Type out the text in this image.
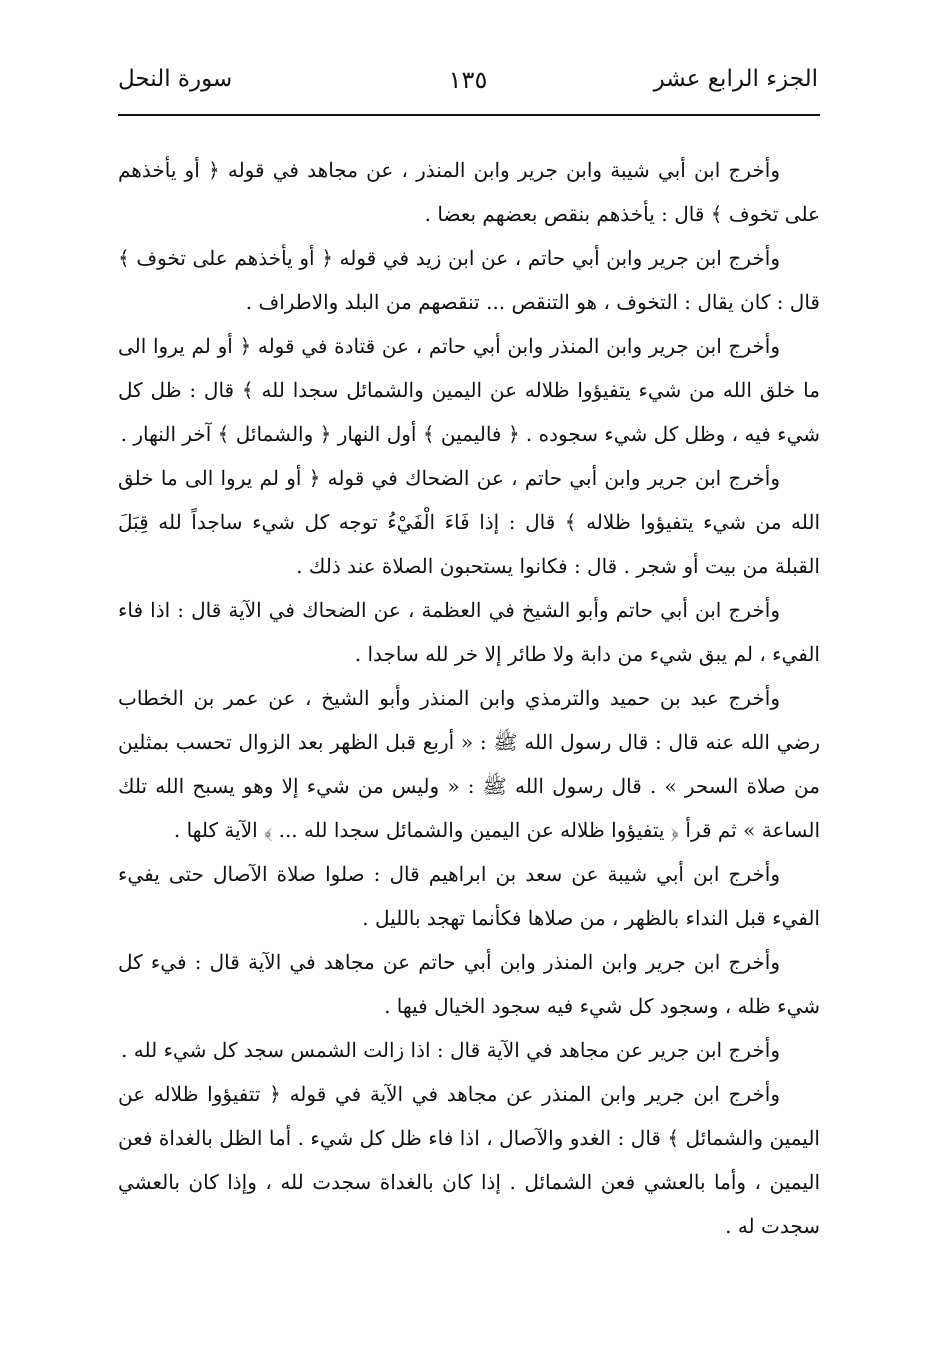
الجزء الرابع عشر
١٣٥
سورة النحل

وأخرج ابن أبي شيبة وابن جرير وابن المنذر ، عن مجاهد في قوله ﴿ أو يأخذهم على تخوف ﴾ قال : يأخذهم بنقص بعضهم بعضا .

وأخرج ابن جرير وابن أبي حاتم ، عن ابن زيد في قوله ﴿ أو يأخذهم على تخوف ﴾ قال : كان يقال : التخوف ، هو التنقص ... تنقصهم من البلد والاطراف .

وأخرج ابن جرير وابن المنذر وابن أبي حاتم ، عن قتادة في قوله ﴿ أو لم يروا الى ما خلق الله من شيء يتفيؤوا ظلاله عن اليمين والشمائل سجدا لله ﴾ قال : ظل كل شيء فيه ، وظل كل شيء سجوده . ﴿ فاليمين ﴾ أول النهار ﴿ والشمائل ﴾ آخر النهار .

وأخرج ابن جرير وابن أبي حاتم ، عن الضحاك في قوله ﴿ أو لم يروا الى ما خلق الله من شيء يتفيؤوا ظلاله ﴾ قال : إذا فَاءَ الْفَيْءُ توجه كل شيء ساجداً لله قِبَلَ القبلة من بيت أو شجر . قال : فكانوا يستحبون الصلاة عند ذلك .

وأخرج ابن أبي حاتم وأبو الشيخ في العظمة ، عن الضحاك في الآية قال : اذا فاء الفيء ، لم يبق شيء من دابة ولا طائر إلا خر لله ساجدا .

وأخرج عبد بن حميد والترمذي وابن المنذر وأبو الشيخ ، عن عمر بن الخطاب رضي الله عنه قال : قال رسول الله ﷺ : « أربع قبل الظهر بعد الزوال تحسب بمثلين من صلاة السحر » . قال رسول الله ﷺ : « وليس من شيء إلا وهو يسبح الله تلك الساعة » ثم قرأ ﴿ يتفيؤوا ظلاله عن اليمين والشمائل سجدا لله ... ﴾ الآية كلها .

وأخرج ابن أبي شيبة عن سعد بن ابراهيم قال : صلوا صلاة الآصال حتى يفيء الفيء قبل النداء بالظهر ، من صلاها فكأنما تهجد بالليل .

وأخرج ابن جرير وابن المنذر وابن أبي حاتم عن مجاهد في الآية قال : فيء كل شيء ظله ، وسجود كل شيء فيه سجود الخيال فيها .

وأخرج ابن جرير عن مجاهد في الآية قال : اذا زالت الشمس سجد كل شيء لله .

وأخرج ابن جرير وابن المنذر عن مجاهد في الآية في قوله ﴿ تتفيؤوا ظلاله عن اليمين والشمائل ﴾ قال : الغدو والآصال ، اذا فاء ظل كل شيء . أما الظل بالغداة فعن اليمين ، وأما بالعشي فعن الشمائل . إذا كان بالغداة سجدت لله ، وإذا كان بالعشي سجدت له .
